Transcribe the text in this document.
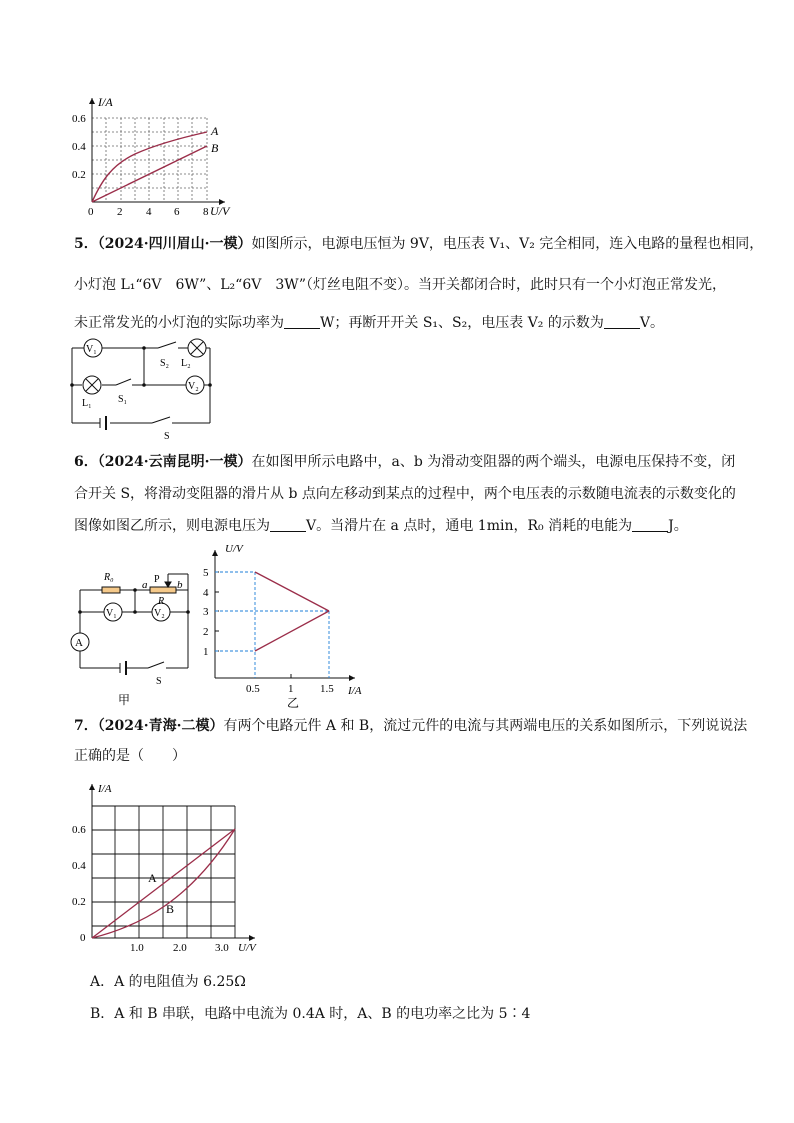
I/A
U/V
0.6
0.4
0.2
0 2 4 6 8
A
B
5．（2024·四川眉山·一模）如图所示，电源电压恒为 9V，电压表 V₁、V₂ 完全相同，连入电路的量程也相同，
小灯泡 L₁“6V　6W”、L₂“6V　3W”（灯丝电阻不变）。当开关都闭合时，此时只有一个小灯泡正常发光，
未正常发光的小灯泡的实际功率为	W；再断开开关 S₁、S₂，电压表 V₂ 的示数为	V。
V₁
V₂
S₂ L₂
L₁	S₁
S
6．（2024·云南昆明·一模）在如图甲所示电路中，a、b 为滑动变阻器的两个端头，电源电压保持不变，闭
合开关 S，将滑动变阻器的滑片从 b 点向左移动到某点的过程中，两个电压表的示数随电流表的示数变化的
图像如图乙所示，则电源电压为	V。当滑片在 a 点时，通电 1min，R₀ 消耗的电能为	J。
R₀
a P b
R
V₁	V₂
A
S
甲
U/V
I/A
5
4
3
2
1
0.5	1 1.5
乙
7．（2024·青海·二模）有两个电路元件 A 和 B，流过元件的电流与其两端电压的关系如图所示，下列说说法
正确的是（　　）
I/A
U/V
0.6
0.4
0.2
0
1.0	2.0	3.0
A
B
A．A 的电阻值为 6.25Ω
B．A 和 B 串联，电路中电流为 0.4A 时，A、B 的电功率之比为 5∶4
